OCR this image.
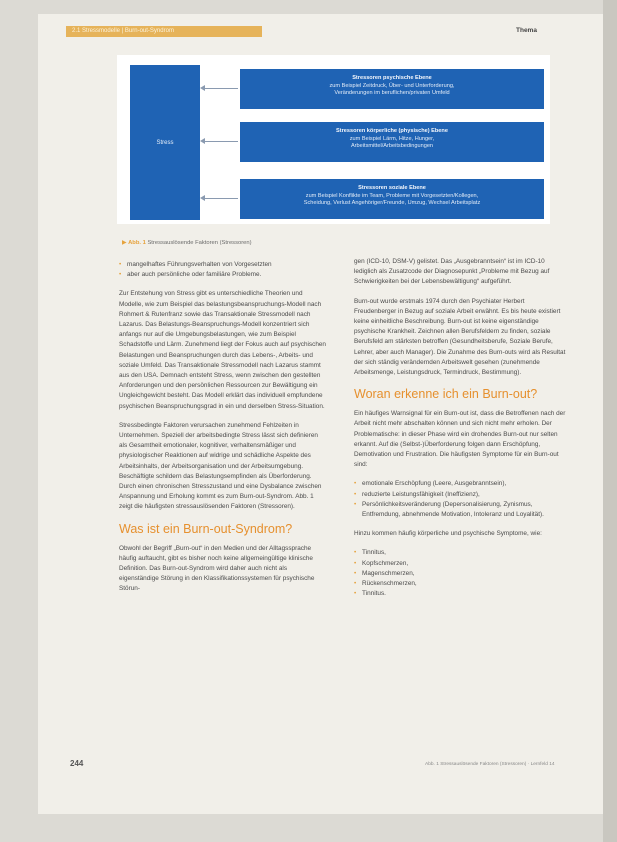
2.1 Stressmodelle | Burn-out-Syndrom	Thema
Stress
Stressoren psychische Ebene
zum Beispiel Zeitdruck, Über- und Unterforderung,
Veränderungen im beruflichen/privaten Umfeld
Stressoren körperliche (physische) Ebene
zum Beispiel Lärm, Hitze, Hunger,
Arbeitsmittel/Arbeitsbedingungen
Stressoren soziale Ebene
zum Beispiel Konflikte im Team, Probleme mit Vorgesetzten/Kollegen,
Scheidung, Verlust Angehöriger/Freunde, Umzug, Wechsel Arbeitsplatz
▶ Abb. 1 Stressauslösende Faktoren (Stressoren)
• mangelhaftes Führungsverhalten von Vorgesetzten
• aber auch persönliche oder familiäre Probleme.

Zur Entstehung von Stress gibt es unterschiedliche Theorien und Modelle, wie zum Beispiel das belastungsbeanspruchungs-Modell nach Rohmert & Rutenfranz sowie das Transaktionale Stressmodell nach Lazarus. Das Belastungs-Beanspruchungs-Modell konzentriert sich anfangs nur auf die Umgebungsbelastungen, wie zum Beispiel Schadstoffe und Lärm. Zunehmend liegt der Fokus auch auf psychischen Belastungen und Beanspruchungen durch das Lebens-, Arbeits- und soziale Umfeld. Das Transaktionale Stressmodell nach Lazarus stammt aus den USA. Demnach entsteht Stress, wenn zwischen den gestellten Anforderungen und den persönlichen Ressourcen zur Bewältigung ein Ungleichgewicht besteht. Das Modell erklärt das individuell empfundene psychischen Beanspruchungsgrad in ein und derselben Stress-Situation.

Stressbedingte Faktoren verursachen zunehmend Fehlzeiten in Unternehmen. Speziell der arbeitsbedingte Stress lässt sich definieren als Gesamtheit emotionaler, kognitiver, verhaltensmäßiger und physiologischer Reaktionen auf widrige und schädliche Aspekte des Arbeitsinhalts, der Arbeitsorganisation und der Arbeitsumgebung. Beschäftigte schildern das Belastungsempfinden als Überforderung. Durch einen chronischen Stresszustand und eine Dysbalance zwischen Anspannung und Erholung kommt es zum Burn-out-Syndrom. Abb. 1 zeigt die häufigsten stressauslösenden Faktoren (Stressoren).

Was ist ein Burn-out-Syndrom?

Obwohl der Begriff „Burn-out“ in den Medien und der Alltagssprache häufig auftaucht, gibt es bisher noch keine allgemeingültige klinische Definition. Das Burn-out-Syndrom wird daher auch nicht als eigenständige Störung in den Klassifikationssystemen für psychische Störun-

gen (ICD-10, DSM-V) gelistet. Das „Ausgebranntsein“ ist im ICD-10 lediglich als Zusatzcode der Diagnosepunkt „Probleme mit Bezug auf Schwierigkeiten bei der Lebensbewältigung“ aufgeführt.

Burn-out wurde erstmals 1974 durch den Psychiater Herbert Freudenberger in Bezug auf soziale Arbeit erwähnt. Es bis heute existiert keine einheitliche Beschreibung. Burn-out ist keine eigenständige psychische Krankheit. Zeichnen allen Berufsfeldern zu finden, soziale Berufsfeld am stärksten betroffen (Gesundheitsberufe, Soziale Berufe, Lehrer, aber auch Manager). Die Zunahme des Burn-outs wird als Resultat der sich ständig verändernden Arbeitswelt gesehen (zunehmende Arbeitsmenge, Leistungsdruck, Termindruck, Bestimmung).

Woran erkenne ich ein Burn-out?

Ein häufiges Warnsignal für ein Burn-out ist, dass die Betroffenen nach der Arbeit nicht mehr abschalten können und sich nicht mehr erholen. Der Problematische: in dieser Phase wird ein drohendes Burn-out nur selten erkannt. Auf die (Selbst-)Überforderung folgen dann Erschöpfung, Demotivation und Frustration. Die häufigsten Symptome für ein Burn-out sind:

• emotionale Erschöpfung (Leere, Ausgebranntsein),
• reduzierte Leistungsfähigkeit (Ineffizienz),
• Persönlichkeitsveränderung (Depersonalisierung, Zynismus, Entfremdung, abnehmende Motivation, Intoleranz und Loyalität).

Hinzu kommen häufig körperliche und psychische Symptome, wie:

• Tinnitus,
• Kopfschmerzen,
• Magenschmerzen,
• Rückenschmerzen,
• Tinnitus.
244	Abb. 1 Stressauslösende Faktoren (Stressoren) · Lernfeld 14
